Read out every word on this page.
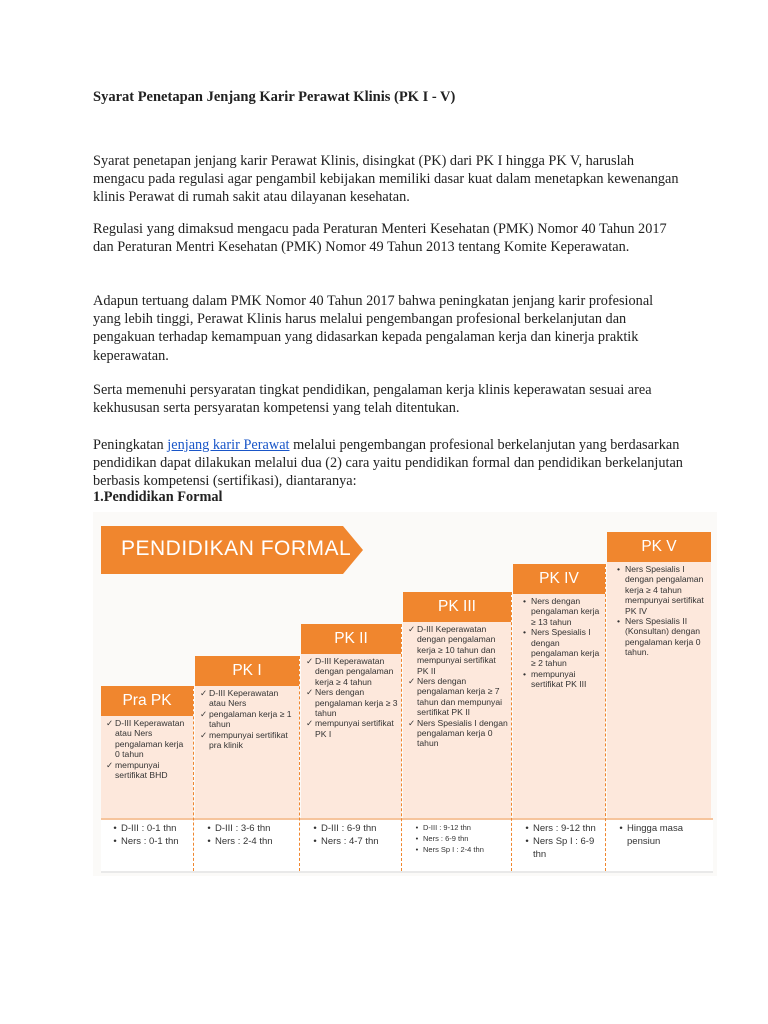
Syarat Penetapan Jenjang Karir Perawat Klinis (PK I - V)

Syarat penetapan jenjang karir Perawat Klinis, disingkat (PK) dari PK I hingga PK V, haruslah mengacu pada regulasi agar pengambil kebijakan memiliki dasar kuat dalam menetapkan kewenangan klinis Perawat di rumah sakit atau dilayanan kesehatan.

Regulasi yang dimaksud mengacu pada Peraturan Menteri Kesehatan (PMK) Nomor 40 Tahun 2017 dan Peraturan Mentri Kesehatan (PMK) Nomor 49 Tahun 2013 tentang Komite Keperawatan.

Adapun tertuang dalam PMK Nomor 40 Tahun 2017 bahwa peningkatan jenjang karir profesional yang lebih tinggi, Perawat Klinis harus melalui pengembangan profesional berkelanjutan dan pengakuan terhadap kemampuan yang didasarkan kepada pengalaman kerja dan kinerja praktik keperawatan.

Serta memenuhi persyaratan tingkat pendidikan, pengalaman kerja klinis keperawatan sesuai area kekhususan serta persyaratan kompetensi yang telah ditentukan.

Peningkatan jenjang karir Perawat melalui pengembangan profesional berkelanjutan yang berdasarkan pendidikan dapat dilakukan melalui dua (2) cara yaitu pendidikan formal dan pendidikan berkelanjutan berbasis kompetensi (sertifikasi), diantaranya:

1.Pendidikan Formal
PENDIDIKAN FORMAL
Pra PK
✓ D-III Keperawatan atau Ners pengalaman kerja 0 tahun
✓ mempunyai sertifikat BHD
PK I
✓ D-III Keperawatan atau Ners
✓ pengalaman kerja ≥ 1 tahun
✓ mempunyai sertifikat pra klinik
PK II
✓ D-III Keperawatan dengan pengalaman kerja ≥ 4 tahun
✓ Ners dengan pengalaman kerja ≥ 3 tahun
✓ mempunyai sertifikat PK I
PK III
✓ D-III Keperawatan dengan pengalaman kerja ≥ 10 tahun dan mempunyai sertifikat PK II
✓ Ners dengan pengalaman kerja ≥ 7 tahun dan mempunyai sertifikat PK II
✓ Ners Spesialis I dengan pengalaman kerja 0 tahun
PK IV
• Ners dengan pengalaman kerja ≥ 13 tahun
• Ners Spesialis I dengan pengalaman kerja ≥ 2 tahun
• mempunyai sertifikat PK III
PK V
• Ners Spesialis I dengan pengalaman kerja ≥ 4 tahun mempunyai sertifikat PK IV
• Ners Spesialis II (Konsultan) dengan pengalaman kerja 0 tahun.
• D-III : 0-1 thn
• Ners : 0-1 thn
• D-III : 3-6 thn
• Ners : 2-4 thn
• D-III : 6-9 thn
• Ners : 4-7 thn
• D-III : 9-12 thn
• Ners : 6-9 thn
• Ners Sp I : 2-4 thn
• Ners : 9-12 thn
• Ners Sp I : 6-9 thn
• Hingga masa pensiun
